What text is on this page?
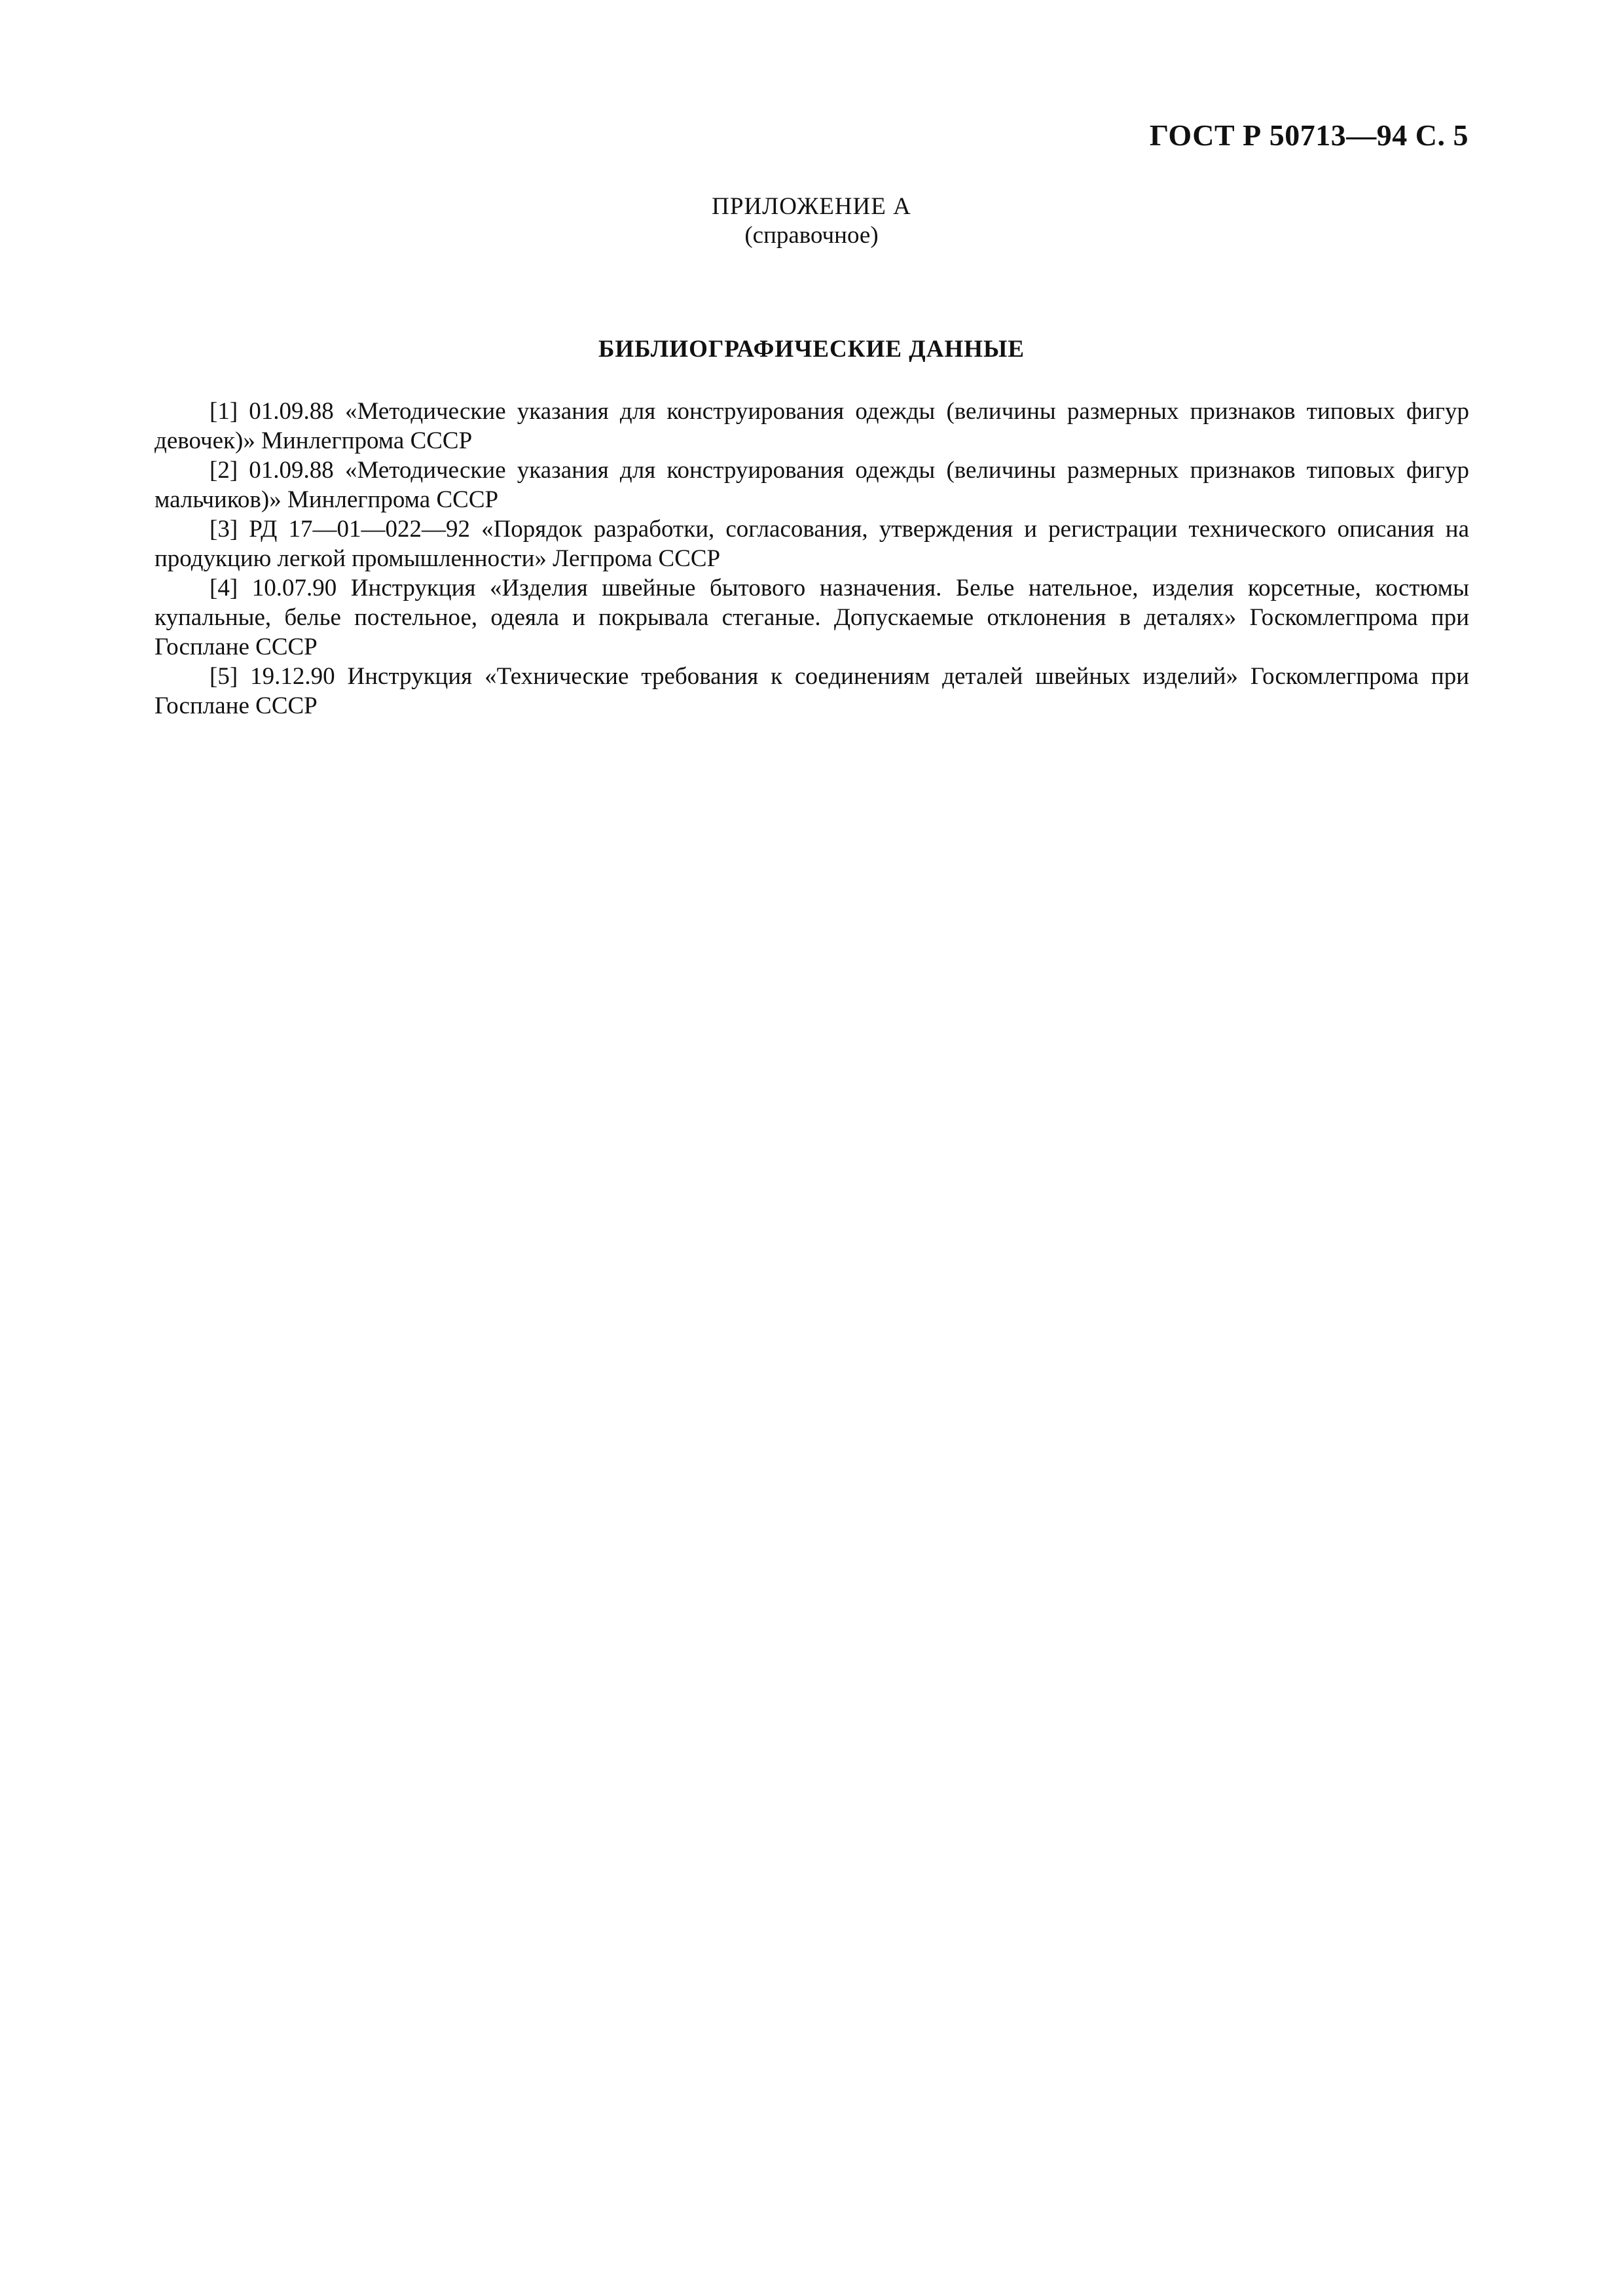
ГОСТ Р 50713—94 С. 5
ПРИЛОЖЕНИЕ А
(справочное)
БИБЛИОГРАФИЧЕСКИЕ ДАННЫЕ

[1] 01.09.88 «Методические указания для конструирования одежды (величины размерных признаков типовых фигур девочек)» Минлегпрома СССР

[2] 01.09.88 «Методические указания для конструирования одежды (величины размерных признаков типовых фигур мальчиков)» Минлегпрома СССР

[3] РД 17—01—022—92 «Порядок разработки, согласования, утверждения и регистрации технического описания на продукцию легкой промышленности» Легпрома СССР

[4] 10.07.90 Инструкция «Изделия швейные бытового назначения. Белье нательное, изделия корсетные, костюмы купальные, белье постельное, одеяла и покрывала стеганые. Допускаемые отклонения в деталях» Госкомлегпрома при Госплане СССР

[5] 19.12.90 Инструкция «Технические требования к соединениям деталей швейных изделий» Госкомлегпрома при Госплане СССР
